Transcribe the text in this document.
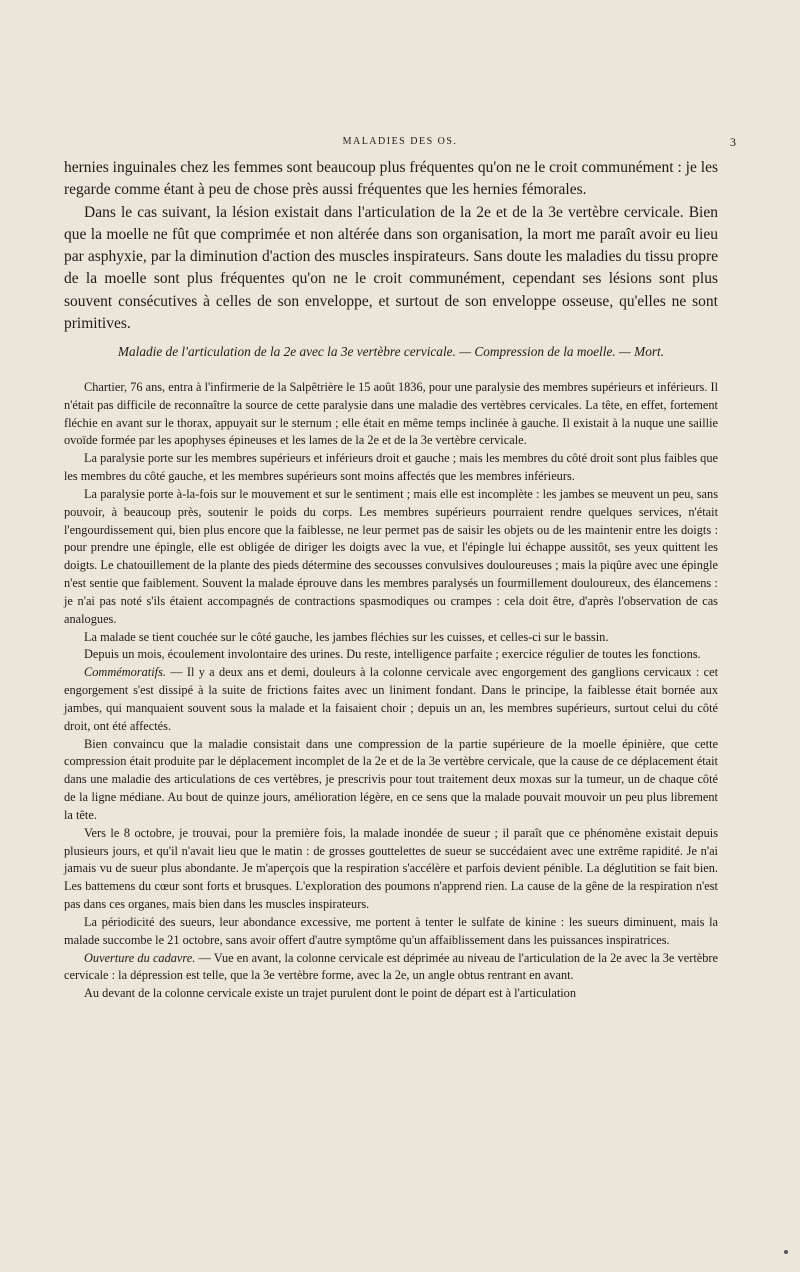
MALADIES DES OS.	3

hernies inguinales chez les femmes sont beaucoup plus fréquentes qu'on ne le croit communément : je les regarde comme étant à peu de chose près aussi fréquentes que les hernies fémorales.

Dans le cas suivant, la lésion existait dans l'articulation de la 2e et de la 3e vertèbre cervicale. Bien que la moelle ne fût que comprimée et non altérée dans son organisation, la mort me paraît avoir eu lieu par asphyxie, par la diminution d'action des muscles inspirateurs. Sans doute les maladies du tissu propre de la moelle sont plus fréquentes qu'on ne le croit communément, cependant ses lésions sont plus souvent consécutives à celles de son enveloppe, et surtout de son enveloppe osseuse, qu'elles ne sont primitives.

Maladie de l'articulation de la 2e avec la 3e vertèbre cervicale. — Compression de la moelle. — Mort.

Chartier, 76 ans, entra à l'infirmerie de la Salpêtrière le 15 août 1836, pour une paralysie des membres supérieurs et inférieurs. Il n'était pas difficile de reconnaître la source de cette paralysie dans une maladie des vertèbres cervicales. La tête, en effet, fortement fléchie en avant sur le thorax, appuyait sur le sternum ; elle était en même temps inclinée à gauche. Il existait à la nuque une saillie ovoïde formée par les apophyses épineuses et les lames de la 2e et de la 3e vertèbre cervicale.

La paralysie porte sur les membres supérieurs et inférieurs droit et gauche ; mais les membres du côté droit sont plus faibles que les membres du côté gauche, et les membres supérieurs sont moins affectés que les membres inférieurs.

La paralysie porte à-la-fois sur le mouvement et sur le sentiment ; mais elle est incomplète : les jambes se meuvent un peu, sans pouvoir, à beaucoup près, soutenir le poids du corps. Les membres supérieurs pourraient rendre quelques services, n'était l'engourdissement qui, bien plus encore que la faiblesse, ne leur permet pas de saisir les objets ou de les maintenir entre les doigts : pour prendre une épingle, elle est obligée de diriger les doigts avec la vue, et l'épingle lui échappe aussitôt, ses yeux quittent les doigts. Le chatouillement de la plante des pieds détermine des secousses convulsives douloureuses ; mais la piqûre avec une épingle n'est sentie que faiblement. Souvent la malade éprouve dans les membres paralysés un fourmillement douloureux, des élancemens : je n'ai pas noté s'ils étaient accompagnés de contractions spasmodiques ou crampes : cela doit être, d'après l'observation de cas analogues.

La malade se tient couchée sur le côté gauche, les jambes fléchies sur les cuisses, et celles-ci sur le bassin.

Depuis un mois, écoulement involontaire des urines. Du reste, intelligence parfaite ; exercice régulier de toutes les fonctions.

Commémoratifs. — Il y a deux ans et demi, douleurs à la colonne cervicale avec engorgement des ganglions cervicaux : cet engorgement s'est dissipé à la suite de frictions faites avec un liniment fondant. Dans le principe, la faiblesse était bornée aux jambes, qui manquaient souvent sous la malade et la faisaient choir ; depuis un an, les membres supérieurs, surtout celui du côté droit, ont été affectés.

Bien convaincu que la maladie consistait dans une compression de la partie supérieure de la moelle épinière, que cette compression était produite par le déplacement incomplet de la 2e et de la 3e vertèbre cervicale, que la cause de ce déplacement était dans une maladie des articulations de ces vertèbres, je prescrivis pour tout traitement deux moxas sur la tumeur, un de chaque côté de la ligne médiane. Au bout de quinze jours, amélioration légère, en ce sens que la malade pouvait mouvoir un peu plus librement la tête.

Vers le 8 octobre, je trouvai, pour la première fois, la malade inondée de sueur ; il paraît que ce phénomène existait depuis plusieurs jours, et qu'il n'avait lieu que le matin : de grosses gouttelettes de sueur se succédaient avec une extrême rapidité. Je n'ai jamais vu de sueur plus abondante. Je m'aperçois que la respiration s'accélère et parfois devient pénible. La déglutition se fait bien. Les battemens du cœur sont forts et brusques. L'exploration des poumons n'apprend rien. La cause de la gêne de la respiration n'est pas dans ces organes, mais bien dans les muscles inspirateurs.

La périodicité des sueurs, leur abondance excessive, me portent à tenter le sulfate de kinine : les sueurs diminuent, mais la malade succombe le 21 octobre, sans avoir offert d'autre symptôme qu'un affaiblissement dans les puissances inspiratrices.

Ouverture du cadavre. — Vue en avant, la colonne cervicale est déprimée au niveau de l'articulation de la 2e avec la 3e vertèbre cervicale : la dépression est telle, que la 3e vertèbre forme, avec la 2e, un angle obtus rentrant en avant.

Au devant de la colonne cervicale existe un trajet purulent dont le point de départ est à l'articulation
